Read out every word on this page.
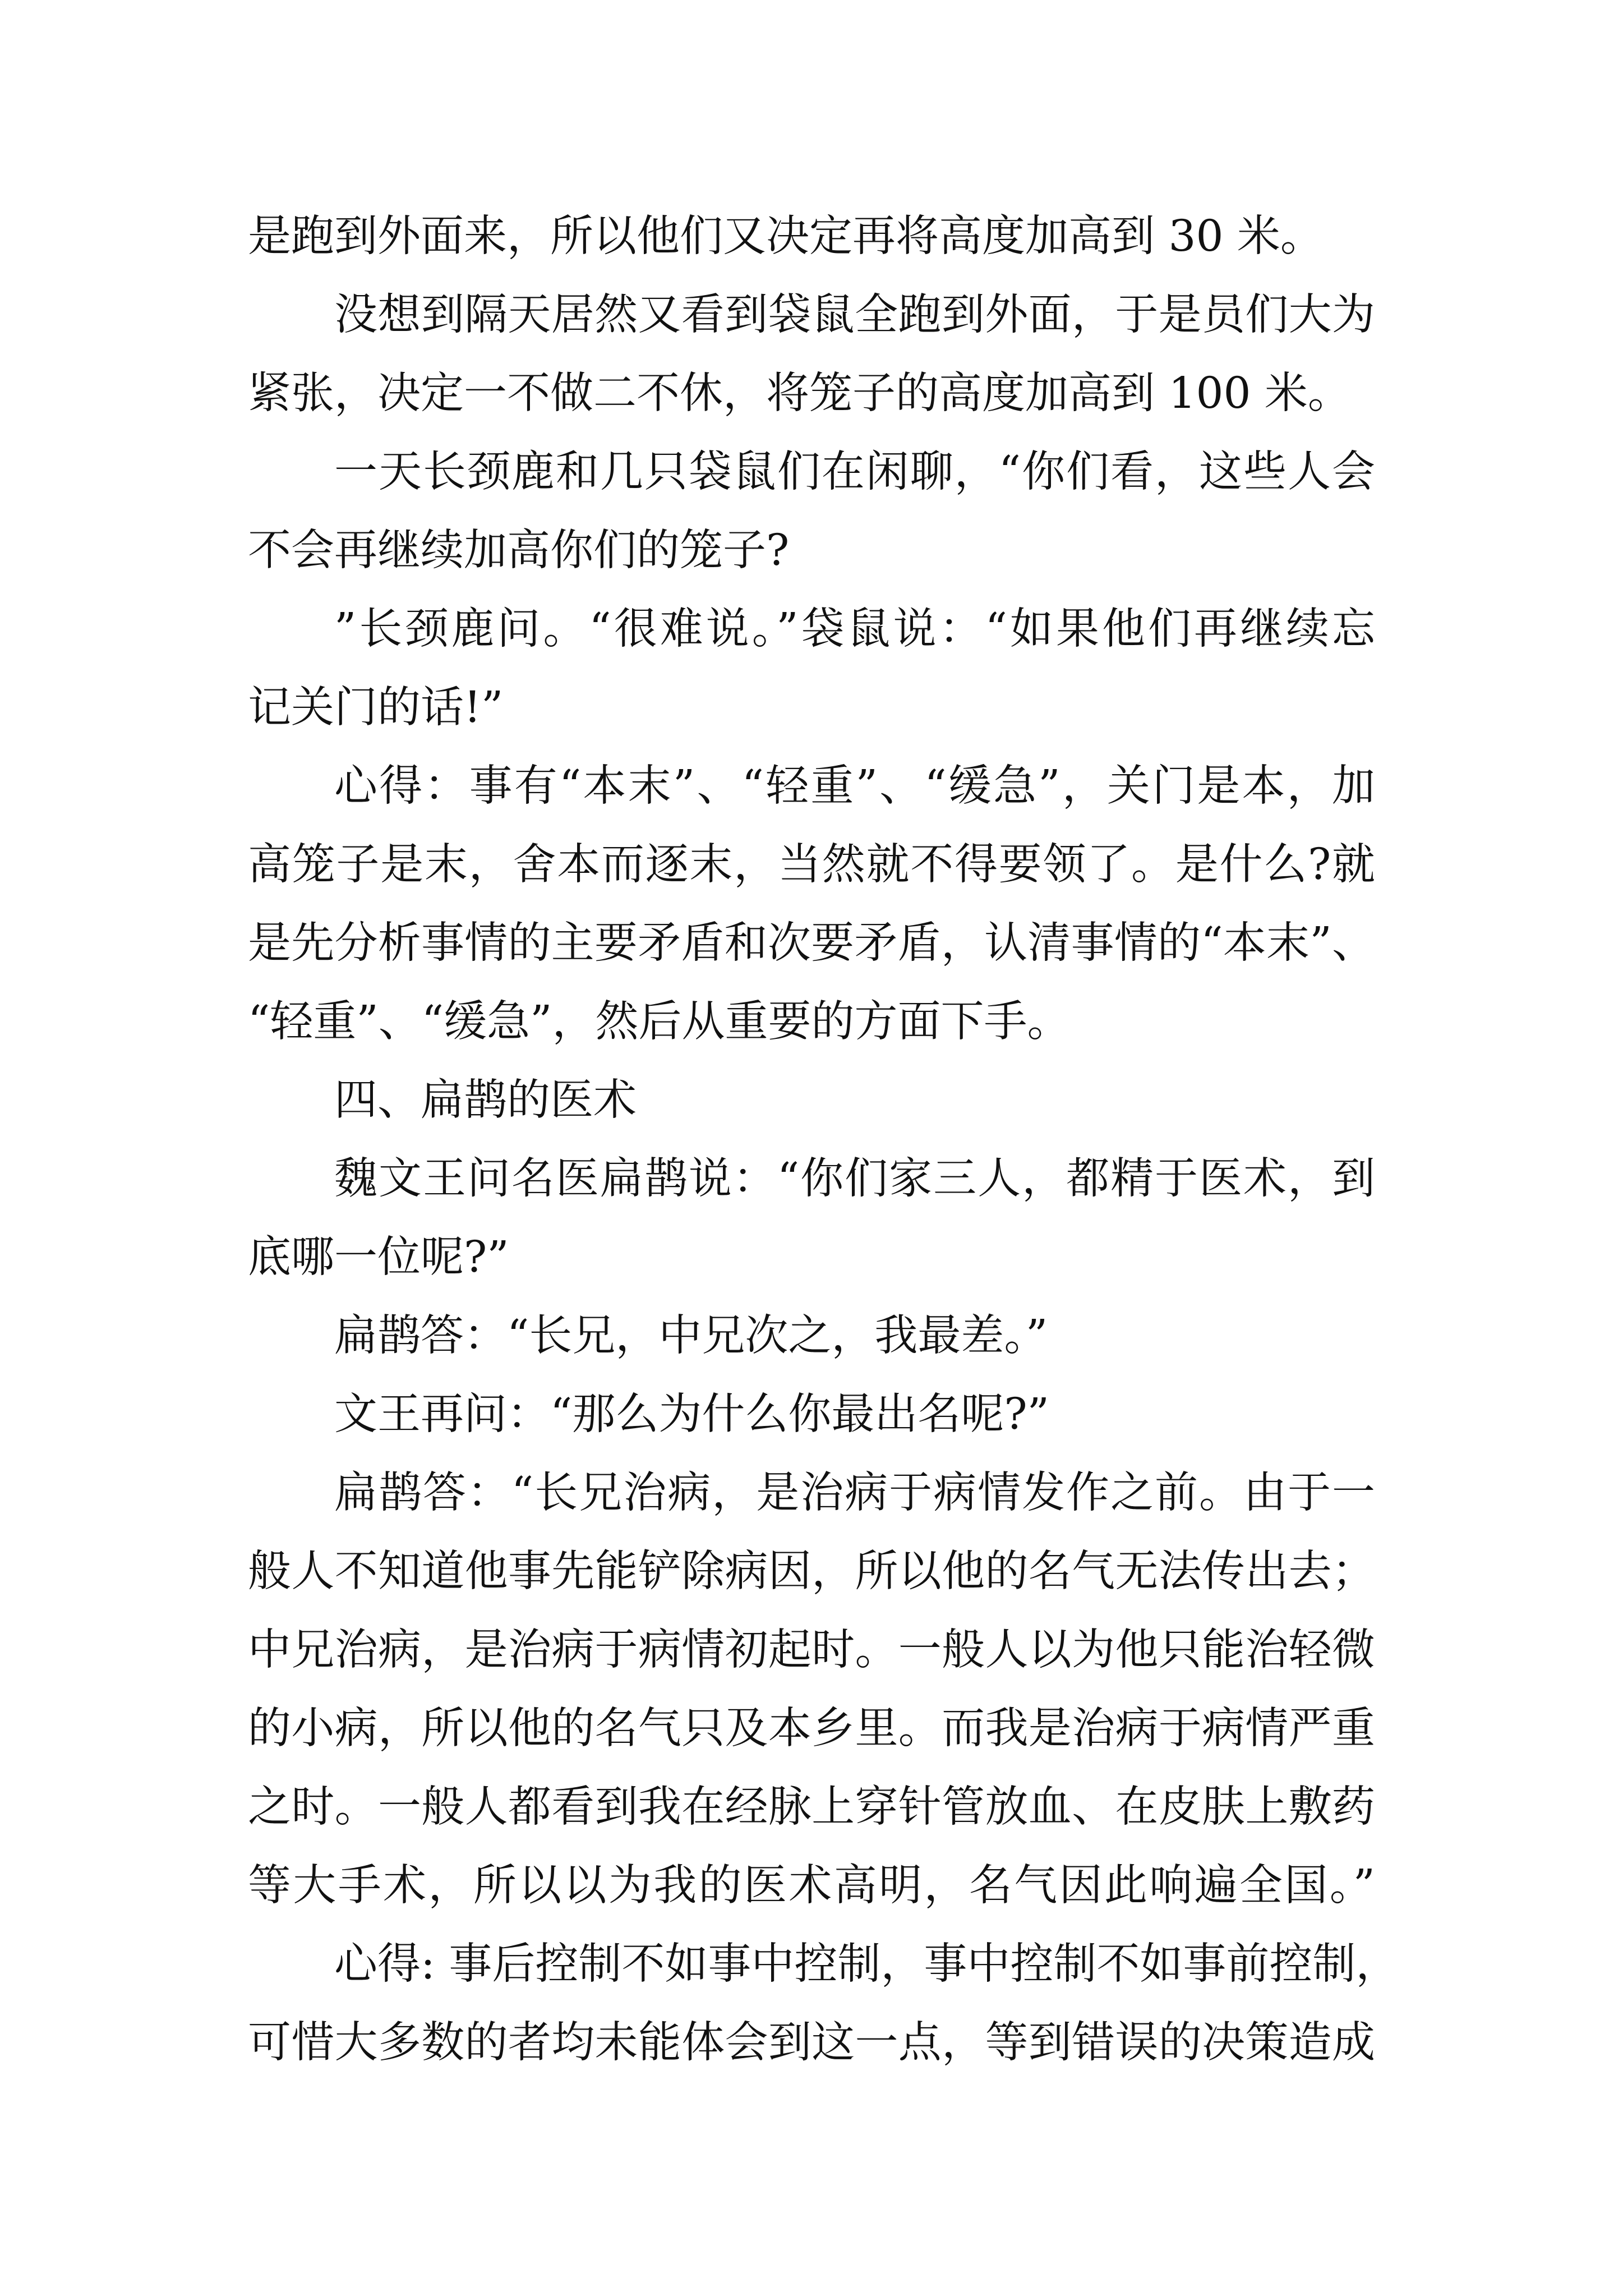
是跑到外面来，所以他们又决定再将高度加高到 30 米。
没想到隔天居然又看到袋鼠全跑到外面，于是员们大为
紧张，决定一不做二不休，将笼子的高度加高到 100 米。
一天长颈鹿和几只袋鼠们在闲聊，“你们看，这些人会
不会再继续加高你们的笼子?
”长颈鹿问。“很难说。”袋鼠说：“如果他们再继续忘
记关门的话!”
心得：事有“本末”、“轻重”、“缓急”，关门是本，加
高笼子是末，舍本而逐末，当然就不得要领了。是什么?就
是先分析事情的主要矛盾和次要矛盾，认清事情的“本末”、
“轻重”、“缓急”，然后从重要的方面下手。
四、扁鹊的医术
魏文王问名医扁鹊说：“你们家三人，都精于医术，到
底哪一位呢?”
扁鹊答：“长兄，中兄次之，我最差。”
文王再问：“那么为什么你最出名呢?”
扁鹊答：“长兄治病，是治病于病情发作之前。由于一
般人不知道他事先能铲除病因，所以他的名气无法传出去；
中兄治病，是治病于病情初起时。一般人以为他只能治轻微
的小病，所以他的名气只及本乡里。而我是治病于病情严重
之时。一般人都看到我在经脉上穿针管放血、在皮肤上敷药
等大手术，所以以为我的医术高明，名气因此响遍全国。”
心得: 事后控制不如事中控制，事中控制不如事前控制，
可惜大多数的者均未能体会到这一点，等到错误的决策造成
